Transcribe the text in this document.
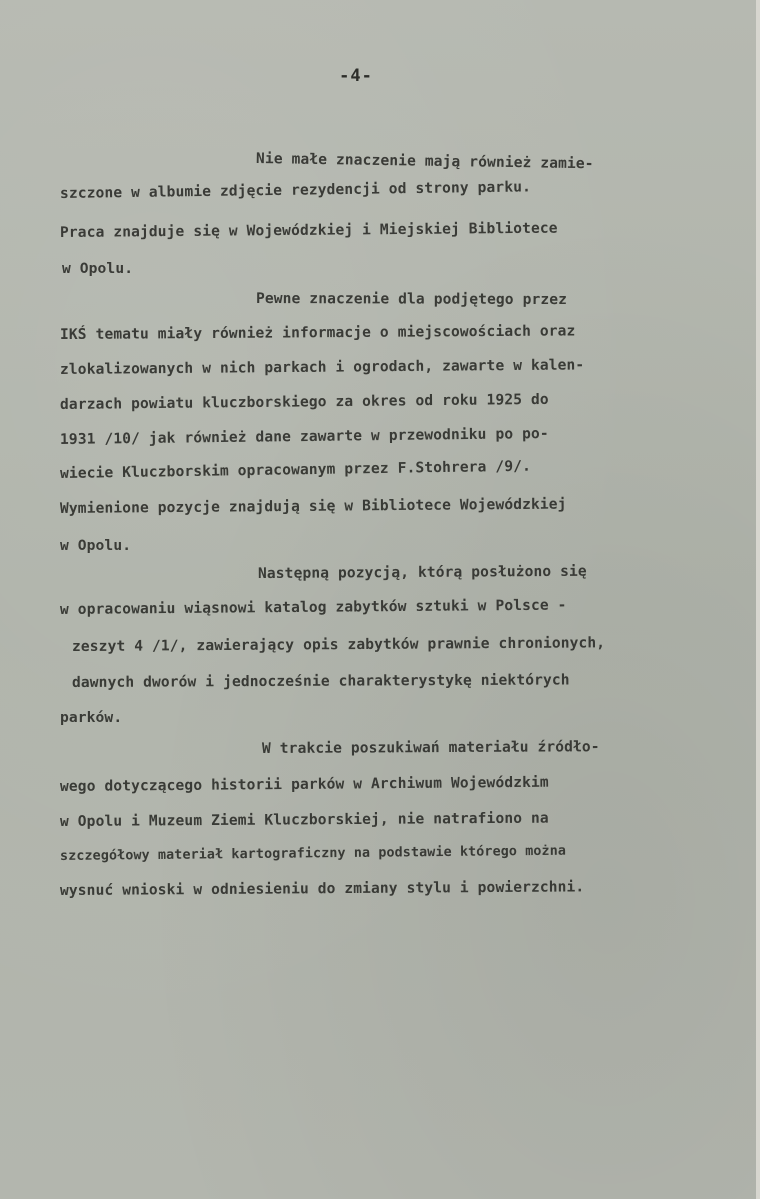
-4-
Nie małe znaczenie mają również zamie-
szczone w albumie zdjęcie rezydencji od strony parku.
Praca znajduje się w Wojewódzkiej i Miejskiej Bibliotece
w Opolu.
Pewne znaczenie dla podjętego przez
IKŚ tematu miały również informacje o miejscowościach oraz
zlokalizowanych w nich parkach i ogrodach, zawarte w kalen-
darzach powiatu kluczborskiego za okres od roku 1925 do
1931 /10/ jak również dane zawarte w przewodniku po po-
wiecie Kluczborskim opracowanym przez F.Stohrera /9/.
Wymienione pozycje znajdują się w Bibliotece Wojewódzkiej
w Opolu.
Następną pozycją, którą posłużono się
w opracowaniu wiąsnowi katalog zabytków sztuki w Polsce -
zeszyt 4 /1/, zawierający opis zabytków prawnie chronionych,
dawnych dworów i jednocześnie charakterystykę niektórych
parków.
W trakcie poszukiwań materiału źródło-
wego dotyczącego historii parków w Archiwum Wojewódzkim
w Opolu i Muzeum Ziemi Kluczborskiej, nie natrafiono na
szczegółowy materiał kartograficzny na podstawie którego można
wysnuć wnioski w odniesieniu do zmiany stylu i powierzchni.
